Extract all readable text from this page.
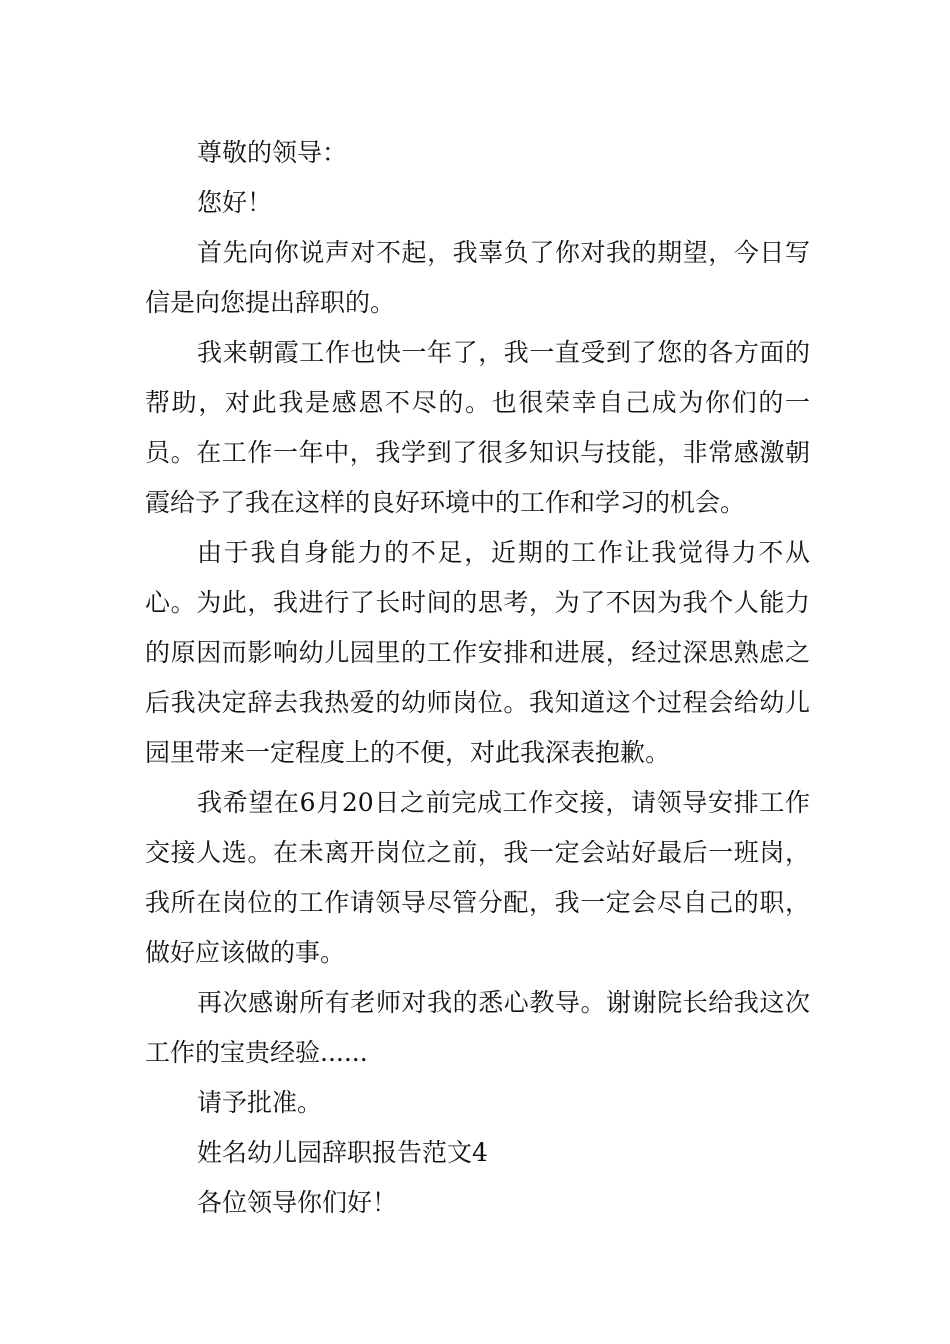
尊敬的领导：

您好！

首先向你说声对不起，我辜负了你对我的期望，今日写信是向您提出辞职的。

我来朝霞工作也快一年了，我一直受到了您的各方面的帮助，对此我是感恩不尽的。也很荣幸自己成为你们的一员。在工作一年中，我学到了很多知识与技能，非常感激朝霞给予了我在这样的良好环境中的工作和学习的机会。

由于我自身能力的不足，近期的工作让我觉得力不从心。为此，我进行了长时间的思考，为了不因为我个人能力的原因而影响幼儿园里的工作安排和进展，经过深思熟虑之后我决定辞去我热爱的幼师岗位。我知道这个过程会给幼儿园里带来一定程度上的不便，对此我深表抱歉。

我希望在6月20日之前完成工作交接，请领导安排工作交接人选。在未离开岗位之前，我一定会站好最后一班岗，我所在岗位的工作请领导尽管分配，我一定会尽自己的职，做好应该做的事。

再次感谢所有老师对我的悉心教导。谢谢院长给我这次工作的宝贵经验......

请予批准。

姓名幼儿园辞职报告范文4

各位领导你们好！
